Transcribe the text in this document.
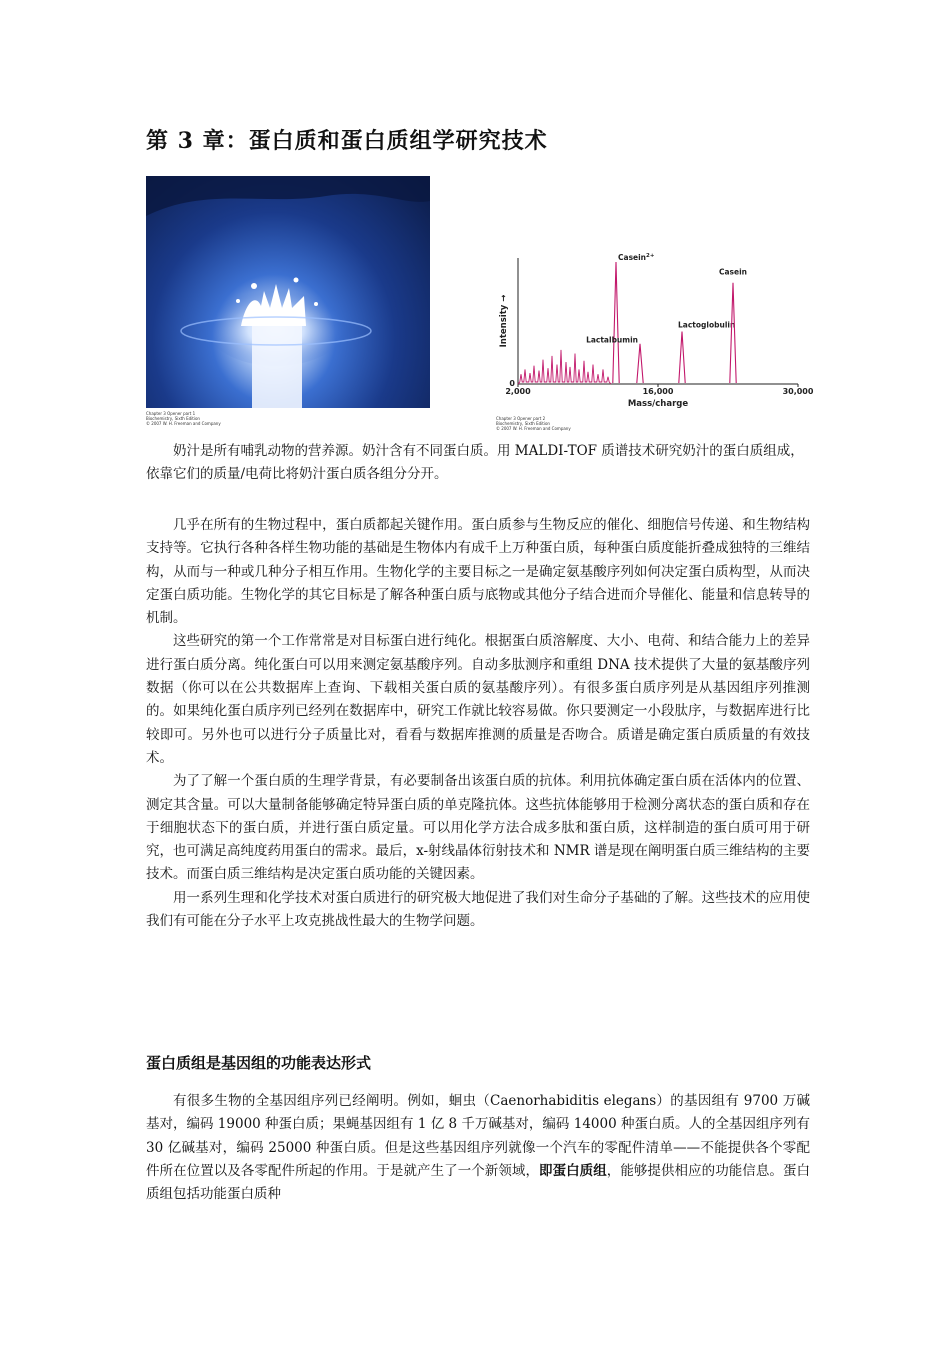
第 3 章：蛋白质和蛋白质组学研究技术
Chapter 3 Opener part 1
Biochemistry, Sixth Edition
© 2007 W. H. Freeman and Company
2,000	16,000	30,000
0
Mass/charge
Intensity →
Casein$^{2+}$
Lactalbumin
Lactoglobulin
Casein
Chapter 3 Opener part 2
Biochemistry, Sixth Edition
© 2007 W. H. Freeman and Company

奶汁是所有哺乳动物的营养源。奶汁含有不同蛋白质。用 MALDI-TOF 质谱技术研究奶汁的蛋白质组成，依靠它们的质量/电荷比将奶汁蛋白质各组分分开。

几乎在所有的生物过程中，蛋白质都起关键作用。蛋白质参与生物反应的催化、细胞信号传递、和生物结构支持等。它执行各种各样生物功能的基础是生物体内有成千上万种蛋白质，每种蛋白质度能折叠成独特的三维结构，从而与一种或几种分子相互作用。生物化学的主要目标之一是确定氨基酸序列如何决定蛋白质构型，从而决定蛋白质功能。生物化学的其它目标是了解各种蛋白质与底物或其他分子结合进而介导催化、能量和信息转导的机制。

这些研究的第一个工作常常是对目标蛋白进行纯化。根据蛋白质溶解度、大小、电荷、和结合能力上的差异进行蛋白质分离。纯化蛋白可以用来测定氨基酸序列。自动多肽测序和重组 DNA 技术提供了大量的氨基酸序列数据（你可以在公共数据库上查询、下载相关蛋白质的氨基酸序列）。有很多蛋白质序列是从基因组序列推测的。如果纯化蛋白质序列已经列在数据库中，研究工作就比较容易做。你只要测定一小段肽序，与数据库进行比较即可。另外也可以进行分子质量比对，看看与数据库推测的质量是否吻合。质谱是确定蛋白质质量的有效技术。

为了了解一个蛋白质的生理学背景，有必要制备出该蛋白质的抗体。利用抗体确定蛋白质在活体内的位置、测定其含量。可以大量制备能够确定特异蛋白质的单克隆抗体。这些抗体能够用于检测分离状态的蛋白质和存在于细胞状态下的蛋白质，并进行蛋白质定量。可以用化学方法合成多肽和蛋白质，这样制造的蛋白质可用于研究，也可满足高纯度药用蛋白的需求。最后，x-射线晶体衍射技术和 NMR 谱是现在阐明蛋白质三维结构的主要技术。而蛋白质三维结构是决定蛋白质功能的关键因素。

用一系列生理和化学技术对蛋白质进行的研究极大地促进了我们对生命分子基础的了解。这些技术的应用使我们有可能在分子水平上攻克挑战性最大的生物学问题。

蛋白质组是基因组的功能表达形式

有很多生物的全基因组序列已经阐明。例如，蛔虫（Caenorhabiditis elegans）的基因组有 9700 万碱基对，编码 19000 种蛋白质；果蝇基因组有 1 亿 8 千万碱基对，编码 14000 种蛋白质。人的全基因组序列有 30 亿碱基对，编码 25000 种蛋白质。但是这些基因组序列就像一个汽车的零配件清单——不能提供各个零配件所在位置以及各零配件所起的作用。于是就产生了一个新领域，即蛋白质组，能够提供相应的功能信息。蛋白质组包括功能蛋白质种
